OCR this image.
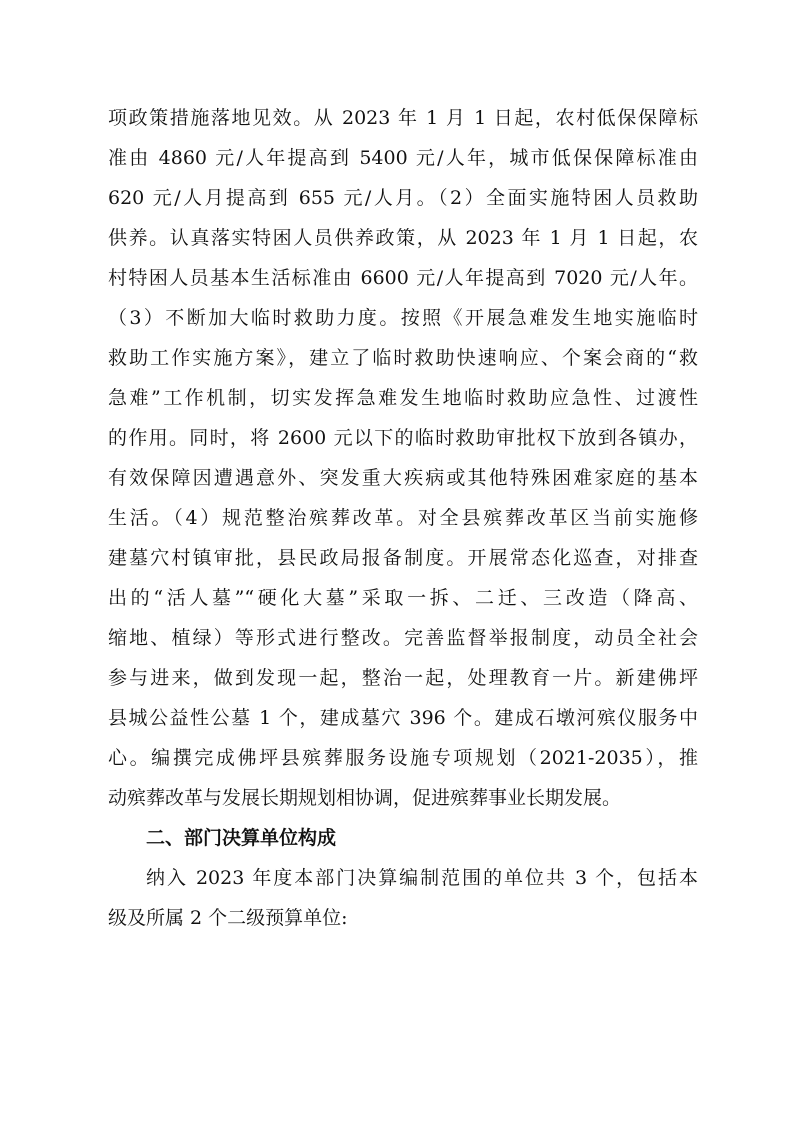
项政策措施落地见效。从 2023 年 1 月 1 日起，农村低保保障标
准由 4860 元/人年提高到 5400 元/人年，城市低保保障标准由
620 元/人月提高到 655 元/人月。（2）全面实施特困人员救助
供养。认真落实特困人员供养政策，从 2023 年 1 月 1 日起，农
村特困人员基本生活标准由 6600 元/人年提高到 7020 元/人年。
（3）不断加大临时救助力度。按照《开展急难发生地实施临时
救助工作实施方案》，建立了临时救助快速响应、个案会商的“救
急难”工作机制，切实发挥急难发生地临时救助应急性、过渡性
的作用。同时，将 2600 元以下的临时救助审批权下放到各镇办，
有效保障因遭遇意外、突发重大疾病或其他特殊困难家庭的基本
生活。（4）规范整治殡葬改革。对全县殡葬改革区当前实施修
建墓穴村镇审批，县民政局报备制度。开展常态化巡查，对排查
出的“活人墓”“硬化大墓”采取一拆、二迁、三改造（降高、
缩地、植绿）等形式进行整改。完善监督举报制度，动员全社会
参与进来，做到发现一起，整治一起，处理教育一片。新建佛坪
县城公益性公墓 1 个，建成墓穴 396 个。建成石墩河殡仪服务中
心。编撰完成佛坪县殡葬服务设施专项规划（2021-2035），推
动殡葬改革与发展长期规划相协调，促进殡葬事业长期发展。
二、部门决算单位构成
纳入 2023 年度本部门决算编制范围的单位共 3 个，包括本
级及所属 2 个二级预算单位:
